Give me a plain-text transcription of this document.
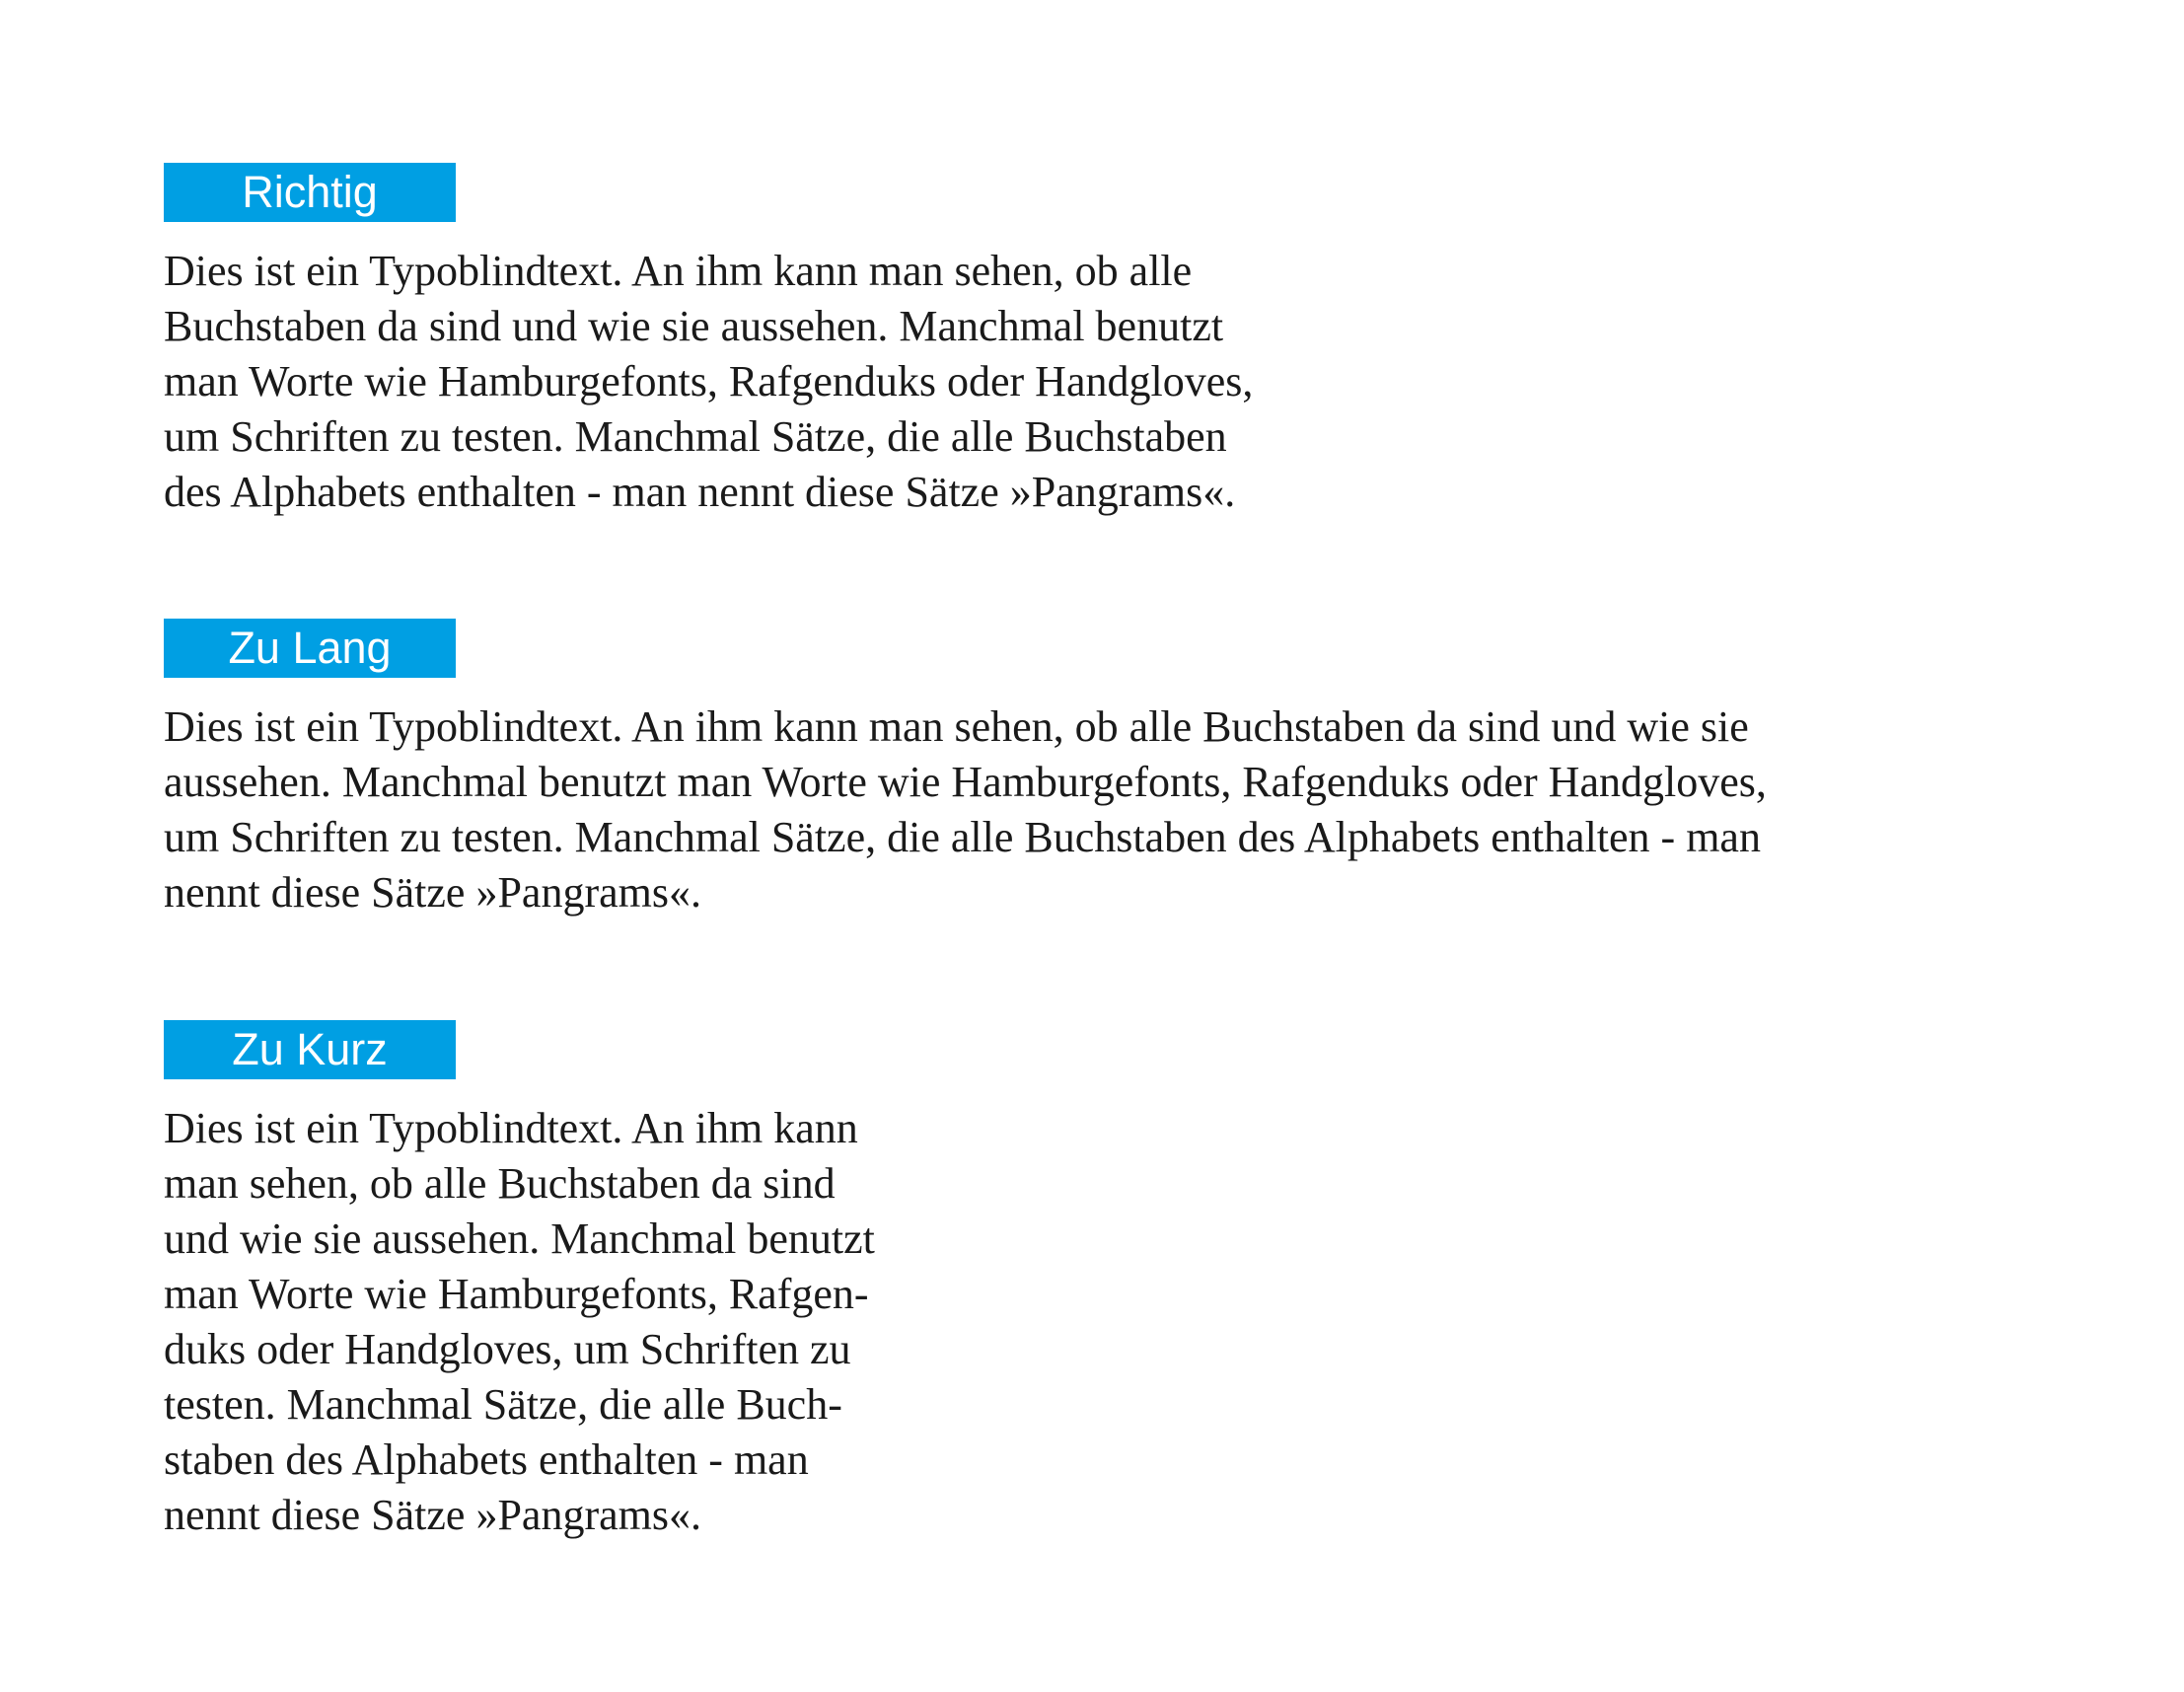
Richtig
Dies ist ein Typoblindtext. An ihm kann man sehen, ob alle
Buchstaben da sind und wie sie aussehen. Manchmal benutzt
man Worte wie Hamburgefonts, Rafgenduks oder Handgloves,
um Schriften zu testen. Manchmal Sätze, die alle Buchstaben
des Alphabets enthalten - man nennt diese Sätze »Pangrams«.
Zu Lang
Dies ist ein Typoblindtext. An ihm kann man sehen, ob alle Buchstaben da sind und wie sie
aussehen. Manchmal benutzt man Worte wie Hamburgefonts, Rafgenduks oder Handgloves,
um Schriften zu testen. Manchmal Sätze, die alle Buchstaben des Alphabets enthalten - man
nennt diese Sätze »Pangrams«.
Zu Kurz
Dies ist ein Typoblindtext. An ihm kann
man sehen, ob alle Buchstaben da sind
und wie sie aussehen. Manchmal benutzt
man Worte wie Hamburgefonts, Rafgen-
duks oder Handgloves, um Schriften zu
testen. Manchmal Sätze, die alle Buch-
staben des Alphabets enthalten - man
nennt diese Sätze »Pangrams«.
